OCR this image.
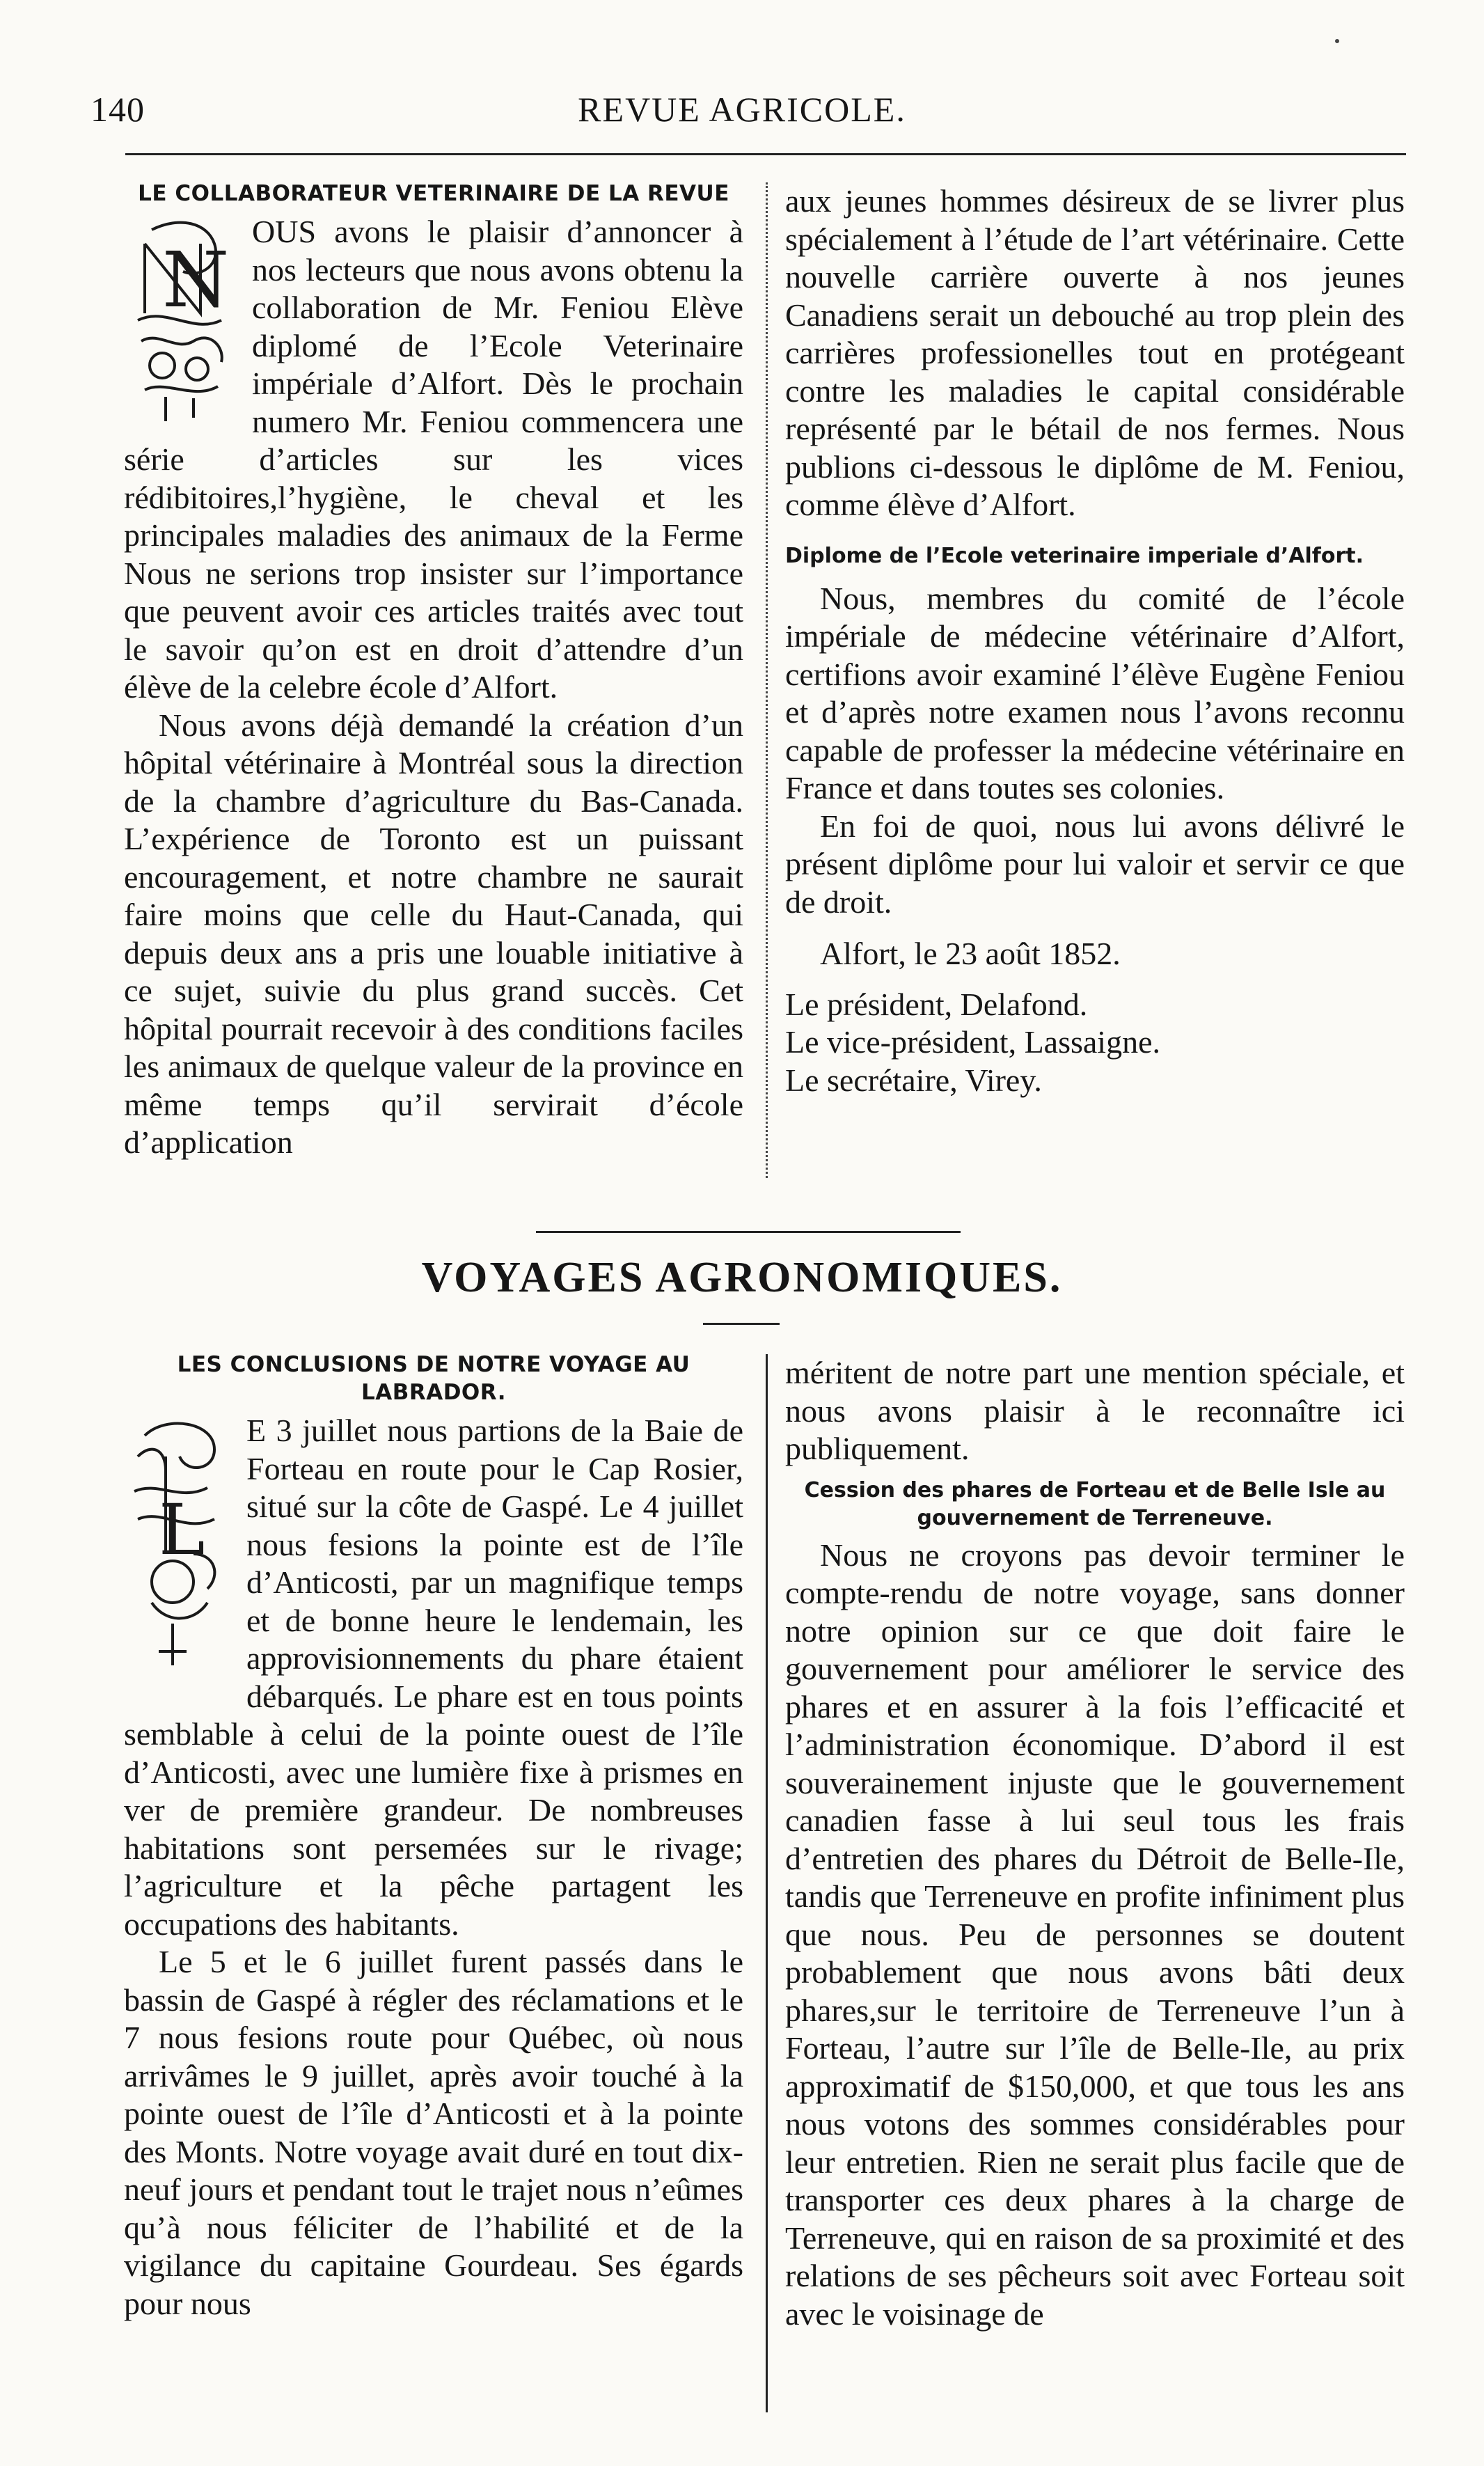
140	REVUE AGRICOLE.
LE COLLABORATEUR VETERINAIRE DE LA REVUE
N

OUS avons le plaisir d’annoncer à nos lecteurs que nous avons obtenu la collaboration de Mr. Feniou Elève diplomé de l’Ecole Veterinaire impériale d’Alfort. Dès le prochain numero Mr. Feniou commencera une série d’articles sur les vices rédibitoires,l’hygiène, le cheval et les principales maladies des animaux de la Ferme Nous ne serions trop insister sur l’importance que peuvent avoir ces articles traités avec tout le savoir qu’on est en droit d’attendre d’un élève de la celebre école d’Alfort.

Nous avons déjà demandé la création d’un hôpital vétérinaire à Montréal sous la direction de la chambre d’agriculture du Bas-Canada. L’expérience de Toronto est un puissant encouragement, et notre chambre ne saurait faire moins que celle du Haut-Canada, qui depuis deux ans a pris une louable initiative à ce sujet, suivie du plus grand succès. Cet hôpital pourrait recevoir à des conditions faciles les animaux de quelque valeur de la province en même temps qu’il servirait d’école d’application

aux jeunes hommes désireux de se livrer plus spécialement à l’étude de l’art vétérinaire. Cette nouvelle carrière ouverte à nos jeunes Canadiens serait un debouché au trop plein des carrières professionelles tout en protégeant contre les maladies le capital considérable représenté par le bétail de nos fermes. Nous publions ci-dessous le diplôme de M. Feniou, comme élève d’Alfort.

Diplome de l’Ecole veterinaire imperiale d’Alfort.

Nous, membres du comité de l’école impériale de médecine vétérinaire d’Alfort, certifions avoir examiné l’élève Eugène Feniou et d’après notre examen nous l’avons reconnu capable de professer la médecine vétérinaire en France et dans toutes ses colonies.

En foi de quoi, nous lui avons délivré le présent diplôme pour lui valoir et servir ce que de droit.

Alfort, le 23 août 1852.

Le président, Delafond.

Le vice-président, Lassaigne.

Le secrétaire, Virey.

VOYAGES AGRONOMIQUES.
LES CONCLUSIONS DE NOTRE VOYAGE AU LABRADOR.
L

E 3 juillet nous partions de la Baie de Forteau en route pour le Cap Rosier, situé sur la côte de Gaspé. Le 4 juillet nous fesions la pointe est de l’île d’Anticosti, par un magnifique temps et de bonne heure le lendemain, les approvisionnements du phare étaient débarqués. Le phare est en tous points semblable à celui de la pointe ouest de l’île d’Anticosti, avec une lumière fixe à prismes en ver de première grandeur. De nombreuses habitations sont persemées sur le rivage; l’agriculture et la pêche partagent les occupations des habitants.

Le 5 et le 6 juillet furent passés dans le bassin de Gaspé à régler des réclamations et le 7 nous fesions route pour Québec, où nous arrivâmes le 9 juillet, après avoir touché à la pointe ouest de l’île d’Anticosti et à la pointe des Monts. Notre voyage avait duré en tout dix-neuf jours et pendant tout le trajet nous n’eûmes qu’à nous féliciter de l’habilité et de la vigilance du capitaine Gourdeau. Ses égards pour nous

méritent de notre part une mention spéciale, et nous avons plaisir à le reconnaître ici publiquement.

Cession des phares de Forteau et de Belle Isle au gouvernement de Terreneuve.

Nous ne croyons pas devoir terminer le compte-rendu de notre voyage, sans donner notre opinion sur ce que doit faire le gouvernement pour améliorer le service des phares et en assurer à la fois l’efficacité et l’administration économique. D’abord il est souverainement injuste que le gouvernement canadien fasse à lui seul tous les frais d’entretien des phares du Détroit de Belle-Ile, tandis que Terreneuve en profite infiniment plus que nous. Peu de personnes se doutent probablement que nous avons bâti deux phares,sur le territoire de Terreneuve l’un à Forteau, l’autre sur l’île de Belle-Ile, au prix approximatif de $150,000, et que tous les ans nous votons des sommes considérables pour leur entretien. Rien ne serait plus facile que de transporter ces deux phares à la charge de Terreneuve, qui en raison de sa proximité et des relations de ses pêcheurs soit avec Forteau soit avec le voisinage de
